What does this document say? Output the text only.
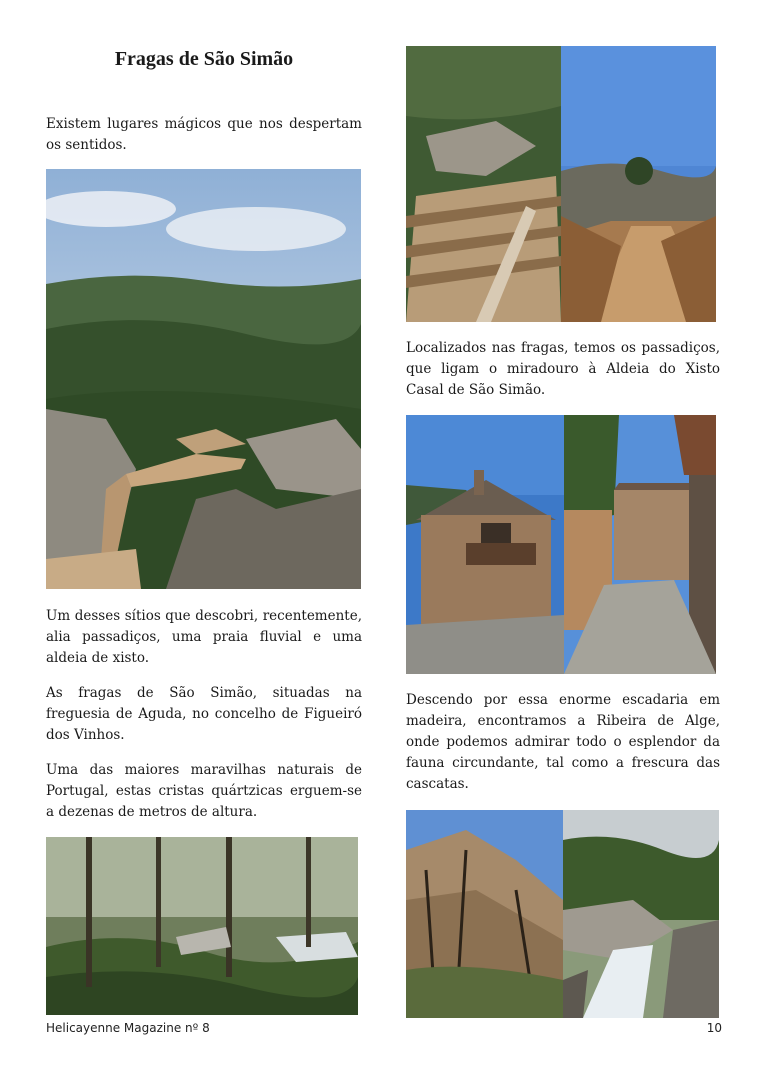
Fragas de São Simão

Existem lugares mágicos que nos despertam os sentidos.

Um desses sítios que descobri, recentemente, alia passadiços, uma praia fluvial e uma aldeia de xisto.

As fragas de São Simão, situadas na freguesia de Aguda, no concelho de Figueiró dos Vinhos.

Uma das maiores maravilhas naturais de Portugal, estas cristas quártzicas erguem-se a dezenas de metros de altura.

Localizados nas fragas, temos os passadiços, que ligam o miradouro à Aldeia do Xisto Casal de São Simão.

Descendo por essa enorme escadaria em madeira, encontramos a Ribeira de Alge, onde podemos admirar todo o esplendor da fauna circundante, tal como a frescura das cascatas.

Helicayenne Magazine nº 8	10
